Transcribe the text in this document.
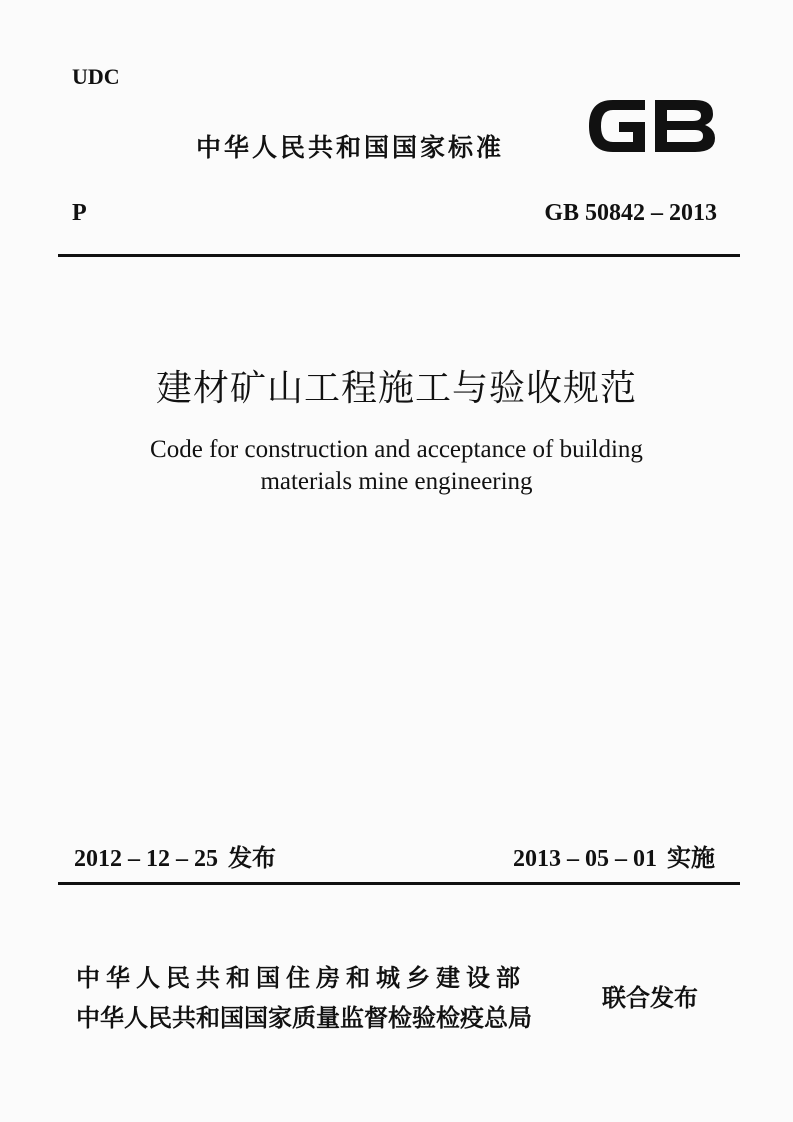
UDC
中华人民共和国国家标准
P	GB 50842 – 2013
建材矿山工程施工与验收规范
Code for construction and acceptance of building
materials mine engineering
2012 – 12 – 25 发布	2013 – 05 – 01 实施
中华人民共和国住房和城乡建设部
中华人民共和国国家质量监督检验检疫总局
联合发布
